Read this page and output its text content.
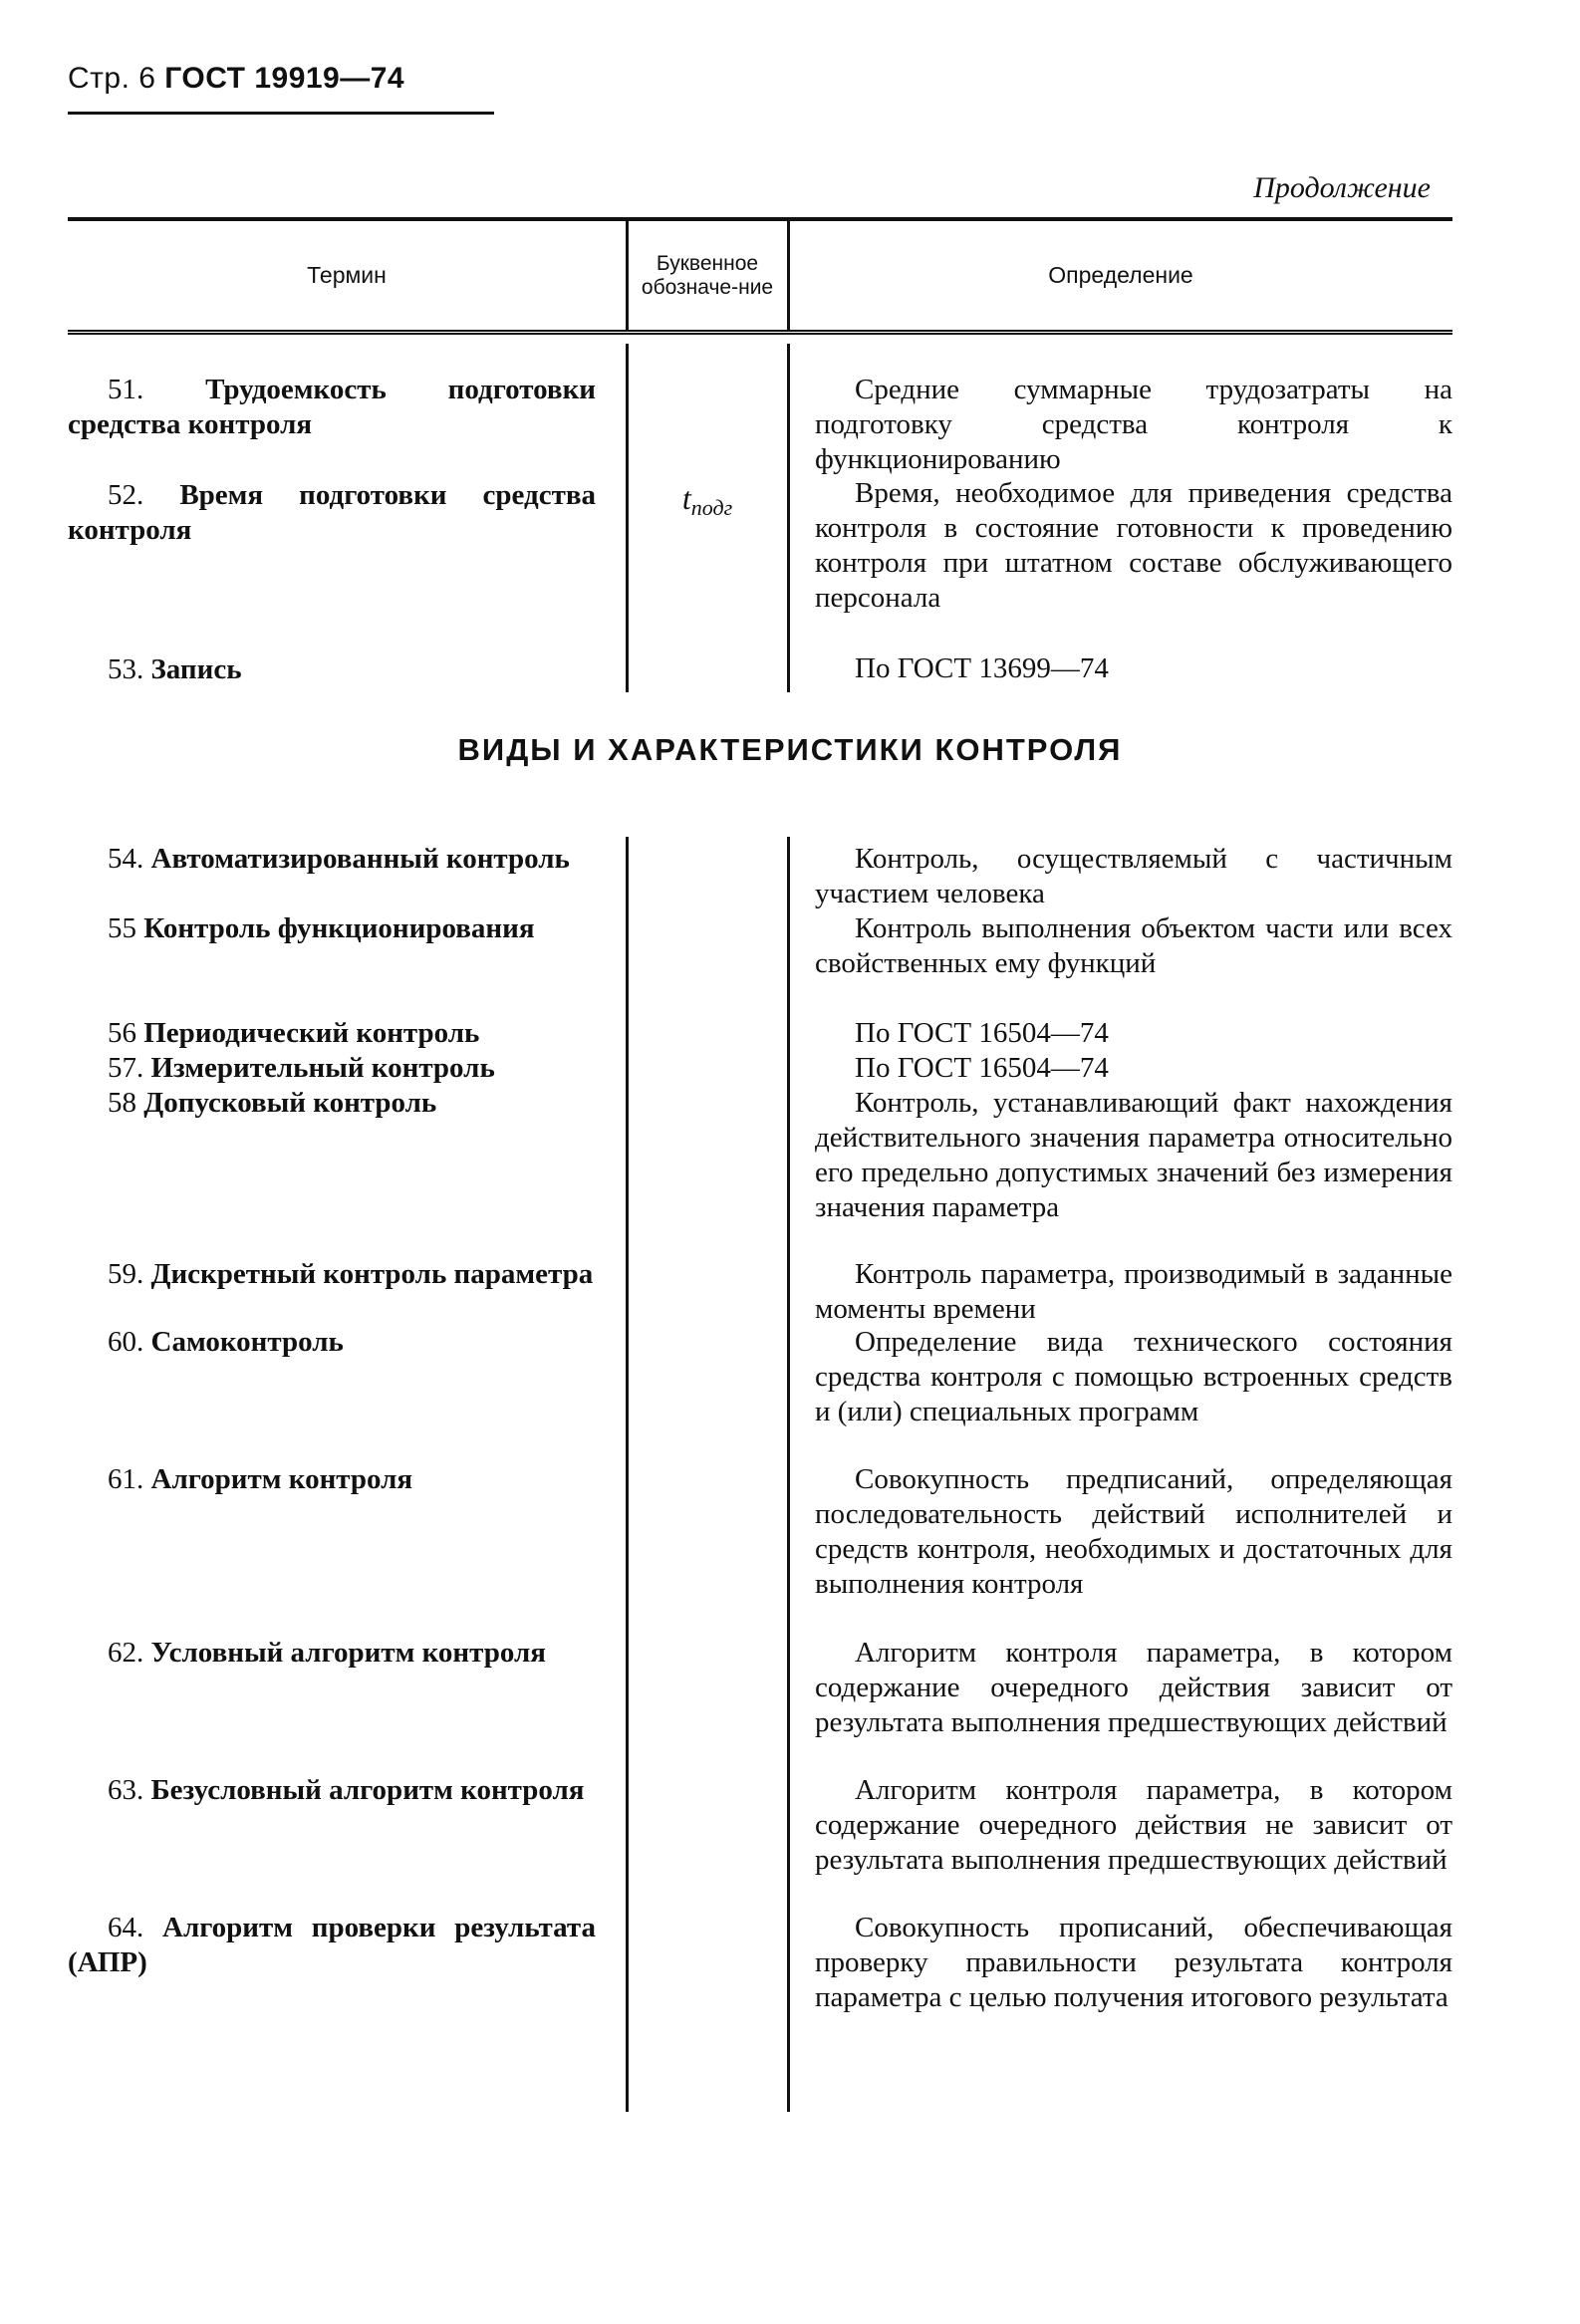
Стр. 6 ГОСТ 19919—74
Продолжение
Термин	Буквенное обозначе-ние	Определение
51. Трудоемкость подготовки средства контроля
52. Время подготовки средства контроля
53. Запись
$t_{подг}$
Средние суммарные трудозатраты на подготовку средства контроля к функционированию
Время, необходимое для приведения средства контроля в состояние готовности к проведению контроля при штатном составе обслуживающего персонала
По ГОСТ 13699—74
ВИДЫ И ХАРАКТЕРИСТИКИ КОНТРОЛЯ
54. Автоматизированный контроль
55 Контроль функционирования
56 Периодический контроль
57. Измерительный контроль
58 Допусковый контроль
59. Дискретный контроль параметра
60. Самоконтроль
61. Алгоритм контроля
62. Условный алгоритм контроля
63. Безусловный алгоритм контроля
64. Алгоритм проверки результата (АПР)
Контроль, осуществляемый с частичным участием человека
Контроль выполнения объектом части или всех свойственных ему функций
По ГОСТ 16504—74
По ГОСТ 16504—74
Контроль, устанавливающий факт нахождения действительного значения параметра относительно его предельно допустимых значений без измерения значения параметра
Контроль параметра, производимый в заданные моменты времени
Определение вида технического состояния средства контроля с помощью встроенных средств и (или) специальных программ
Совокупность предписаний, определяющая последовательность действий исполнителей и средств контроля, необходимых и достаточных для выполнения контроля
Алгоритм контроля параметра, в котором содержание очередного действия зависит от результата выполнения предшествующих действий
Алгоритм контроля параметра, в котором содержание очередного действия не зависит от результата выполнения предшествующих действий
Совокупность прописаний, обеспечивающая проверку правильности результата контроля параметра с целью получения итогового результата
